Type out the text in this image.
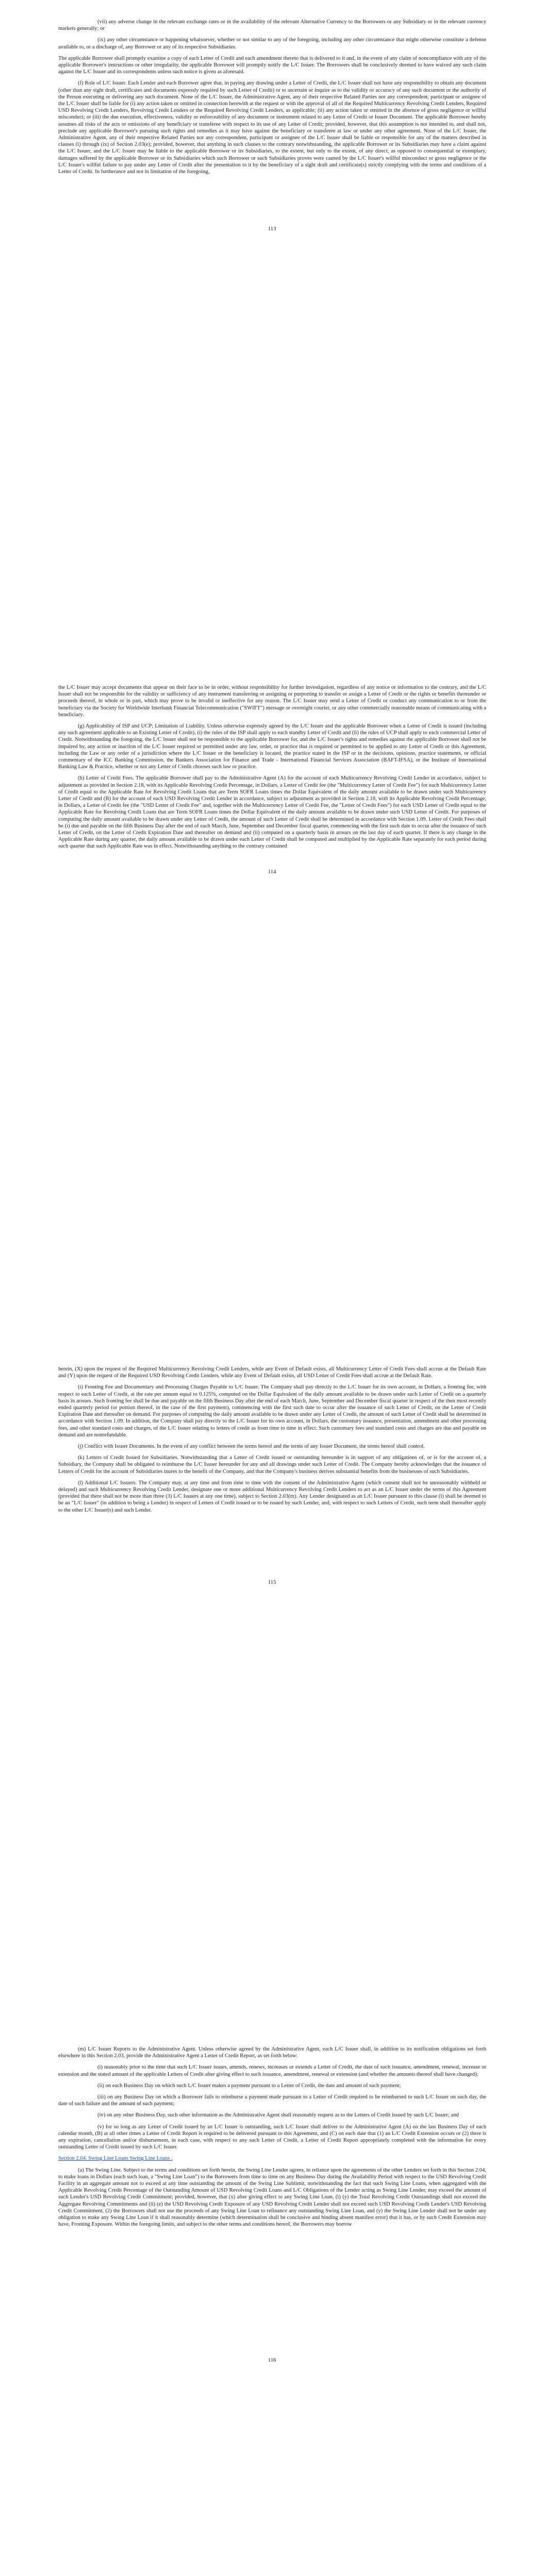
(vii) any adverse change in the relevant exchange rates or in the availability of the relevant Alternative Currency to the Borrowers or any Subsidiary or in the relevant currency markets generally; or

(ix) any other circumstance or happening whatsoever, whether or not similar to any of the foregoing, including any other circumstance that might otherwise constitute a defense available to, or a discharge of, any Borrower or any of its respective Subsidiaries.

The applicable Borrower shall promptly examine a copy of each Letter of Credit and each amendment thereto that is delivered to it and, in the event of any claim of noncompliance with any of the applicable Borrower's instructions or other irregularity, the applicable Borrower will promptly notify the L/C Issuer. The Borrowers shall be conclusively deemed to have waived any such claim against the L/C Issuer and its correspondents unless such notice is given as aforesaid.

(f) Role of L/C Issuer. Each Lender and each Borrower agree that, in paying any drawing under a Letter of Credit, the L/C Issuer shall not have any responsibility to obtain any document (other than any sight draft, certificates and documents expressly required by such Letter of Credit) or to ascertain or inquire as to the validity or accuracy of any such document or the authority of the Person executing or delivering any such document. None of the L/C Issuer, the Administrative Agent, any of their respective Related Parties nor any correspondent, participant or assignee of the L/C Issuer shall be liable for (i) any action taken or omitted in connection herewith at the request or with the approval of all of the Required Multicurrency Revolving Credit Lenders, Required USD Revolving Credit Lenders, Revolving Credit Lenders or the Required Revolving Credit Lenders, as applicable; (ii) any action taken or omitted in the absence of gross negligence or willful misconduct; or (iii) the due execution, effectiveness, validity or enforceability of any document or instrument related to any Letter of Credit or Issuer Document. The applicable Borrower hereby assumes all risks of the acts or omissions of any beneficiary or transferee with respect to its use of any Letter of Credit; provided, however, that this assumption is not intended to, and shall not, preclude any applicable Borrower's pursuing such rights and remedies as it may have against the beneficiary or transferee at law or under any other agreement. None of the L/C Issuer, the Administrative Agent, any of their respective Related Parties nor any correspondent, participant or assignee of the L/C Issuer shall be liable or responsible for any of the matters described in clauses (i) through (ix) of Section 2.03(e); provided, however, that anything in such clauses to the contrary notwithstanding, the applicable Borrower or its Subsidiaries may have a claim against the L/C Issuer, and the L/C Issuer may be liable to the applicable Borrower or its Subsidiaries, to the extent, but only to the extent, of any direct, as opposed to consequential or exemplary, damages suffered by the applicable Borrower or its Subsidiaries which such Borrower or such Subsidiaries proves were caused by the L/C Issuer's willful misconduct or gross negligence or the L/C Issuer's willful failure to pay under any Letter of Credit after the presentation to it by the beneficiary of a sight draft and certificate(s) strictly complying with the terms and conditions of a Letter of Credit. In furtherance and not in limitation of the foregoing,

113

the L/C Issuer may accept documents that appear on their face to be in order, without responsibility for further investigation, regardless of any notice or information to the contrary, and the L/C Issuer shall not be responsible for the validity or sufficiency of any instrument transferring or assigning or purporting to transfer or assign a Letter of Credit or the rights or benefits thereunder or proceeds thereof, in whole or in part, which may prove to be invalid or ineffective for any reason. The L/C Issuer may send a Letter of Credit or conduct any communication to or from the beneficiary via the Society for Worldwide Interbank Financial Telecommunication ("SWIFT") message or overnight courier, or any other commercially reasonable means of communicating with a beneficiary.

(g) Applicability of ISP and UCP; Limitation of Liability. Unless otherwise expressly agreed by the L/C Issuer and the applicable Borrower when a Letter of Credit is issued (including any such agreement applicable to an Existing Letter of Credit), (i) the rules of the ISP shall apply to each standby Letter of Credit and (ii) the rules of UCP shall apply to each commercial Letter of Credit. Notwithstanding the foregoing, the L/C Issuer shall not be responsible to the applicable Borrower for, and the L/C Issuer's rights and remedies against the applicable Borrower shall not be impaired by, any action or inaction of the L/C Issuer required or permitted under any law, order, or practice that is required or permitted to be applied to any Letter of Credit or this Agreement, including the Law or any order of a jurisdiction where the L/C Issuer or the beneficiary is located, the practice stated in the ISP or in the decisions, opinions, practice statements, or official commentary of the ICC Banking Commission, the Bankers Association for Finance and Trade - International Financial Services Association (BAFT-IFSA), or the Institute of International Banking Law & Practice, whether or not any Letter of Credit chooses such law or practice.

(h) Letter of Credit Fees. The applicable Borrower shall pay to the Administrative Agent (A) for the account of each Multicurrency Revolving Credit Lender in accordance, subject to adjustment as provided in Section 2.18, with its Applicable Revolving Credit Percentage, in Dollars, a Letter of Credit fee (the "Multicurrency Letter of Credit Fee") for each Multicurrency Letter of Credit equal to the Applicable Rate for Revolving Credit Loans that are Term SOFR Loans times the Dollar Equivalent of the daily amount available to be drawn under such Multicurrency Letter of Credit and (B) for the account of each USD Revolving Credit Lender in accordance, subject to adjustment as provided in Section 2.18, with its Applicable Revolving Credit Percentage, in Dollars, a Letter of Credit fee (the "USD Letter of Credit Fee" and, together with the Multicurrency Letter of Credit Fee, the "Letter of Credit Fees") for each USD Letter of Credit equal to the Applicable Rate for Revolving Credit Loans that are Term SOFR Loans times the Dollar Equivalent of the daily amount available to be drawn under such USD Letter of Credit. For purposes of computing the daily amount available to be drawn under any Letter of Credit, the amount of such Letter of Credit shall be determined in accordance with Section 1.09. Letter of Credit Fees shall be (i) due and payable on the fifth Business Day after the end of each March, June, September and December fiscal quarter, commencing with the first such date to occur after the issuance of such Letter of Credit, on the Letter of Credit Expiration Date and thereafter on demand and (ii) computed on a quarterly basis in arrears on the last day of each quarter. If there is any change in the Applicable Rate during any quarter, the daily amount available to be drawn under each Letter of Credit shall be computed and multiplied by the Applicable Rate separately for each period during such quarter that such Applicable Rate was in effect. Notwithstanding anything to the contrary contained

114

herein, (X) upon the request of the Required Multicurrency Revolving Credit Lenders, while any Event of Default exists, all Multicurrency Letter of Credit Fees shall accrue at the Default Rate and (Y) upon the request of the Required USD Revolving Credit Lenders, while any Event of Default exists, all USD Letter of Credit Fees shall accrue at the Default Rate.

(i) Fronting Fee and Documentary and Processing Charges Payable to L/C Issuer. The Company shall pay directly to the L/C Issuer for its own account, in Dollars, a fronting fee, with respect to each Letter of Credit, at the rate per annum equal to 0.125%, computed on the Dollar Equivalent of the daily amount available to be drawn under such Letter of Credit on a quarterly basis in arrears. Such fronting fee shall be due and payable on the fifth Business Day after the end of each March, June, September and December fiscal quarter in respect of the then most recently ended quarterly period (or portion thereof, in the case of the first payment), commencing with the first such date to occur after the issuance of such Letter of Credit, on the Letter of Credit Expiration Date and thereafter on demand. For purposes of computing the daily amount available to be drawn under any Letter of Credit, the amount of such Letter of Credit shall be determined in accordance with Section 1.09. In addition, the Company shall pay directly to the L/C Issuer for its own account, in Dollars, the customary issuance, presentation, amendment and other processing fees, and other standard costs and charges, of the L/C Issuer relating to letters of credit as from time to time in effect. Such customary fees and standard costs and charges are due and payable on demand and are nonrefundable.

(j) Conflict with Issuer Documents. In the event of any conflict between the terms hereof and the terms of any Issuer Document, the terms hereof shall control.

(k) Letters of Credit Issued for Subsidiaries. Notwithstanding that a Letter of Credit issued or outstanding hereunder is in support of any obligations of, or is for the account of, a Subsidiary, the Company shall be obligated to reimburse the L/C Issuer hereunder for any and all drawings under such Letter of Credit. The Company hereby acknowledges that the issuance of Letters of Credit for the account of Subsidiaries inures to the benefit of the Company, and that the Company's business derives substantial benefits from the businesses of such Subsidiaries.

(l) Additional L/C Issuers. The Company may, at any time and from time to time with the consent of the Administrative Agent (which consent shall not be unreasonably withheld or delayed) and such Multicurrency Revolving Credit Lender, designate one or more additional Multicurrency Revolving Credit Lenders to act as an L/C Issuer under the terms of this Agreement (provided that there shall not be more than three (3) L/C Issuers at any one time), subject to Section 2.03(m). Any Lender designated as an L/C Issuer pursuant to this clause (l) shall be deemed to be an "L/C Issuer" (in addition to being a Lender) in respect of Letters of Credit issued or to be issued by such Lender, and, with respect to such Letters of Credit, such term shall thereafter apply to the other L/C Issuer(s) and such Lender.

115

(m) L/C Issuer Reports to the Administrative Agent. Unless otherwise agreed by the Administrative Agent, each L/C Issuer shall, in addition to its notification obligations set forth elsewhere in this Section 2.03, provide the Administrative Agent a Letter of Credit Report, as set forth below:

(i) reasonably prior to the time that such L/C Issuer issues, amends, renews, increases or extends a Letter of Credit, the date of such issuance, amendment, renewal, increase or extension and the stated amount of the applicable Letters of Credit after giving effect to such issuance, amendment, renewal or extension (and whether the amounts thereof shall have changed);

(ii) on each Business Day on which such L/C Issuer makes a payment pursuant to a Letter of Credit, the date and amount of such payment;

(iii) on any Business Day on which a Borrower fails to reimburse a payment made pursuant to a Letter of Credit required to be reimbursed to such L/C Issuer on such day, the date of such failure and the amount of such payment;

(iv) on any other Business Day, such other information as the Administrative Agent shall reasonably request as to the Letters of Credit issued by such L/C Issuer; and

(v) for so long as any Letter of Credit issued by an L/C Issuer is outstanding, such L/C Issuer shall deliver to the Administrative Agent (A) on the last Business Day of each calendar month, (B) at all other times a Letter of Credit Report is required to be delivered pursuant to this Agreement, and (C) on each date that (1) an L/C Credit Extension occurs or (2) there is any expiration, cancellation and/or disbursement, in each case, with respect to any such Letter of Credit, a Letter of Credit Report appropriately completed with the information for every outstanding Letter of Credit issued by such L/C Issuer.

Section 2.04. Swing Line Loans Swing Line Loans .

(a) The Swing Line. Subject to the terms and conditions set forth herein, the Swing Line Lender agrees, in reliance upon the agreements of the other Lenders set forth in this Section 2.04, to make loans in Dollars (each such loan, a "Swing Line Loan") to the Borrowers from time to time on any Business Day during the Availability Period with respect to the USD Revolving Credit Facility in an aggregate amount not to exceed at any time outstanding the amount of the Swing Line Sublimit, notwithstanding the fact that such Swing Line Loans, when aggregated with the Applicable Revolving Credit Percentage of the Outstanding Amount of USD Revolving Credit Loans and L/C Obligations of the Lender acting as Swing Line Lender, may exceed the amount of such Lender's USD Revolving Credit Commitment; provided, however, that (x) after giving effect to any Swing Line Loan, (i) (y) the Total Revolving Credit Outstandings shall not exceed the Aggregate Revolving Commitments and (ii) (z) the USD Revolving Credit Exposure of any USD Revolving Credit Lender shall not exceed such USD Revolving Credit Lender's USD Revolving Credit Commitment, (2) the Borrowers shall not use the proceeds of any Swing Line Loan to refinance any outstanding Swing Line Loan, and (y) the Swing Line Lender shall not be under any obligation to make any Swing Line Loan if it shall reasonably determine (which determination shall be conclusive and binding absent manifest error) that it has, or by such Credit Extension may have, Fronting Exposure. Within the foregoing limits, and subject to the other terms and conditions hereof, the Borrowers may borrow

116
